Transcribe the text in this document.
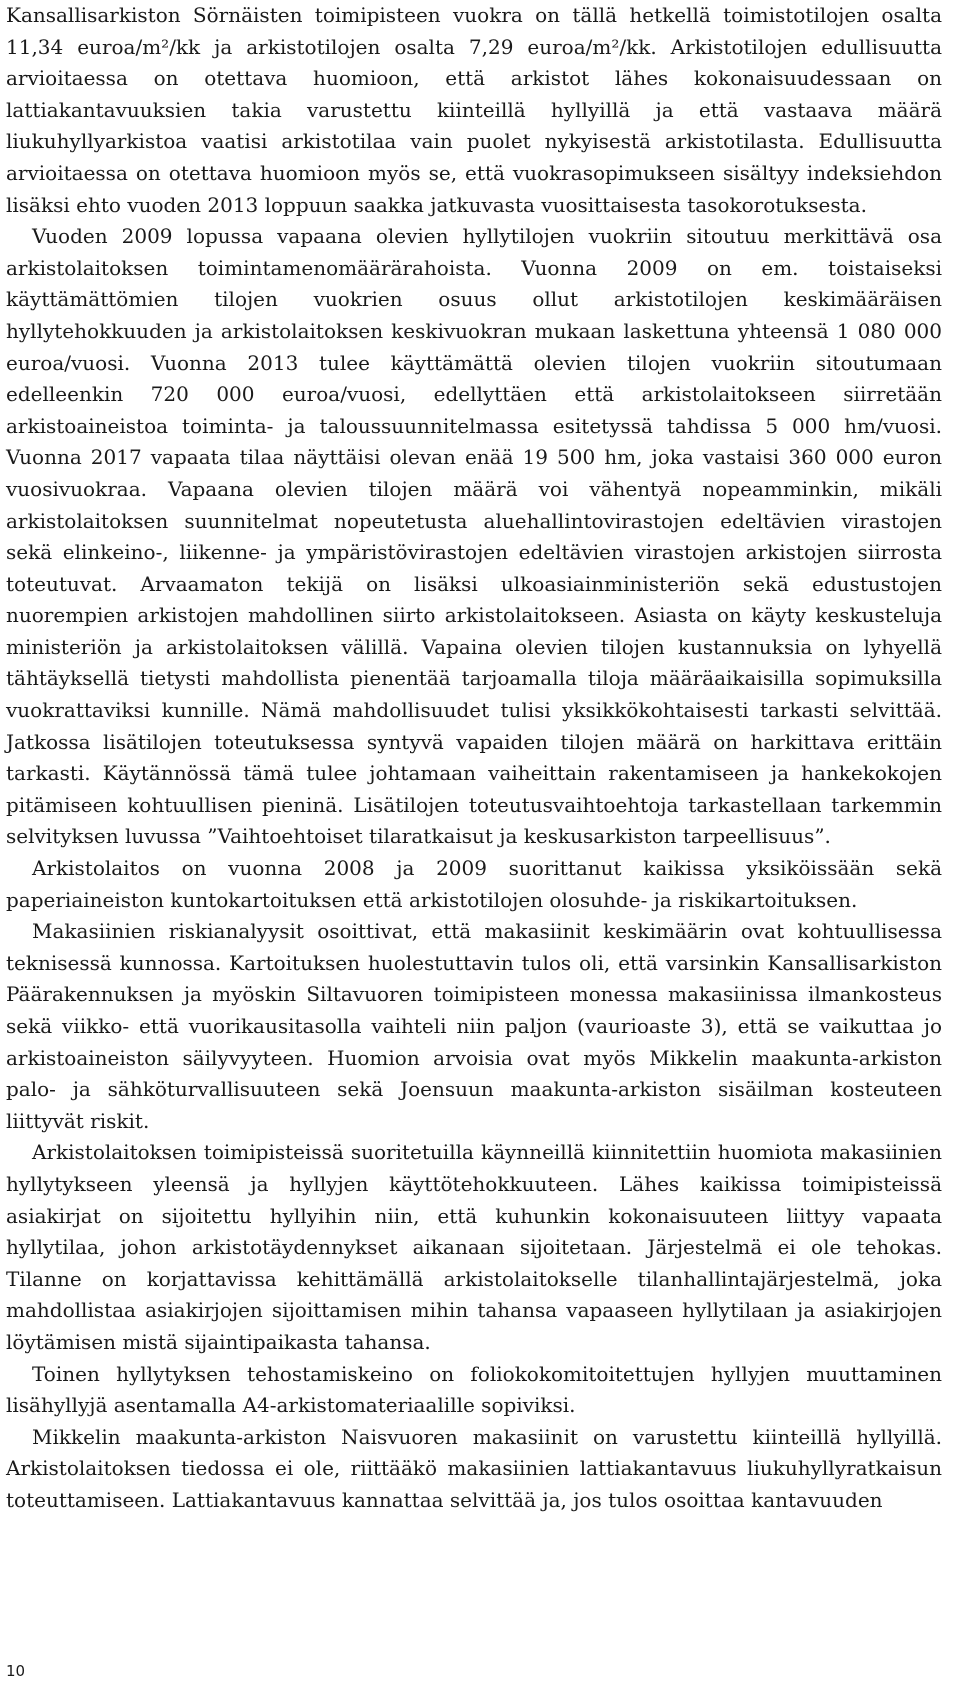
Kansallisarkiston Sörnäisten toimipisteen vuokra on tällä hetkellä toimistotilojen osalta 11,34 euroa/m²/kk ja arkistotilojen osalta 7,29 euroa/m²/kk. Arkistotilojen edullisuutta arvioitaessa on otettava huomioon, että arkistot lähes kokonaisuudessaan on lattiakantavuuksien takia varustettu kiinteillä hyllyillä ja että vastaava määrä liukuhyllyarkistoa vaatisi arkistotilaa vain puolet nykyisestä arkistotilasta. Edullisuutta arvioitaessa on otettava huomioon myös se, että vuokrasopimukseen sisältyy indeksiehdon lisäksi ehto vuoden 2013 loppuun saakka jatkuvasta vuosittaisesta tasokorotuksesta.

Vuoden 2009 lopussa vapaana olevien hyllytilojen vuokriin sitoutuu merkittävä osa arkistolaitoksen toimintamenomäärärahoista. Vuonna 2009 on em. toistaiseksi käyttämättömien tilojen vuokrien osuus ollut arkistotilojen keskimääräisen hyllytehokkuuden ja arkistolaitoksen keskivuokran mukaan laskettuna yhteensä 1 080 000 euroa/vuosi. Vuonna 2013 tulee käyttämättä olevien tilojen vuokriin sitoutumaan edelleenkin 720 000 euroa/vuosi, edellyttäen että arkistolaitokseen siirretään arkistoaineistoa toiminta- ja taloussuunnitelmassa esitetyssä tahdissa 5 000 hm/vuosi. Vuonna 2017 vapaata tilaa näyttäisi olevan enää 19 500 hm, joka vastaisi 360 000 euron vuosivuokraa. Vapaana olevien tilojen määrä voi vähentyä nopeamminkin, mikäli arkistolaitoksen suunnitelmat nopeutetusta aluehallintovirastojen edeltävien virastojen sekä elinkeino-, liikenne- ja ympäristövirastojen edeltävien virastojen arkistojen siirrosta toteutuvat. Arvaamaton tekijä on lisäksi ulkoasiainministeriön sekä edustustojen nuorempien arkistojen mahdollinen siirto arkistolaitokseen. Asiasta on käyty keskusteluja ministeriön ja arkistolaitoksen välillä. Vapaina olevien tilojen kustannuksia on lyhyellä tähtäyksellä tietysti mahdollista pienentää tarjoamalla tiloja määräaikaisilla sopimuksilla vuokrattaviksi kunnille. Nämä mahdollisuudet tulisi yksikkökohtaisesti tarkasti selvittää. Jatkossa lisätilojen toteutuksessa syntyvä vapaiden tilojen määrä on harkittava erittäin tarkasti. Käytännössä tämä tulee johtamaan vaiheittain rakentamiseen ja hankekokojen pitämiseen kohtuullisen pieninä. Lisätilojen toteutusvaihtoehtoja tarkastellaan tarkemmin selvityksen luvussa ”Vaihtoehtoiset tilaratkaisut ja keskusarkiston tarpeellisuus”.

Arkistolaitos on vuonna 2008 ja 2009 suorittanut kaikissa yksiköissään sekä paperiaineiston kuntokartoituksen että arkistotilojen olosuhde- ja riskikartoituksen.

Makasiinien riskianalyysit osoittivat, että makasiinit keskimäärin ovat kohtuullisessa teknisessä kunnossa. Kartoituksen huolestuttavin tulos oli, että varsinkin Kansallisarkiston Päärakennuksen ja myöskin Siltavuoren toimipisteen monessa makasiinissa ilmankosteus sekä viikko- että vuorikausitasolla vaihteli niin paljon (vaurioaste 3), että se vaikuttaa jo arkistoaineiston säilyvyyteen. Huomion arvoisia ovat myös Mikkelin maakunta-arkiston palo- ja sähköturvallisuuteen sekä Joensuun maakunta-arkiston sisäilman kosteuteen liittyvät riskit.

Arkistolaitoksen toimipisteissä suoritetuilla käynneillä kiinnitettiin huomiota makasiinien hyllytykseen yleensä ja hyllyjen käyttötehokkuuteen. Lähes kaikissa toimipisteissä asiakirjat on sijoitettu hyllyihin niin, että kuhunkin kokonaisuuteen liittyy vapaata hyllytilaa, johon arkistotäydennykset aikanaan sijoitetaan. Järjestelmä ei ole tehokas. Tilanne on korjattavissa kehittämällä arkistolaitokselle tilanhallintajärjestelmä, joka mahdollistaa asiakirjojen sijoittamisen mihin tahansa vapaaseen hyllytilaan ja asiakirjojen löytämisen mistä sijaintipaikasta tahansa.

Toinen hyllytyksen tehostamiskeino on foliokokomitoitettujen hyllyjen muuttaminen lisähyllyjä asentamalla A4-arkistomateriaalille sopiviksi.

Mikkelin maakunta-arkiston Naisvuoren makasiinit on varustettu kiinteillä hyllyillä. Arkistolaitoksen tiedossa ei ole, riittääkö makasiinien lattiakantavuus liukuhyllyratkaisun toteuttamiseen. Lattiakantavuus kannattaa selvittää ja, jos tulos osoittaa kantavuuden

10
